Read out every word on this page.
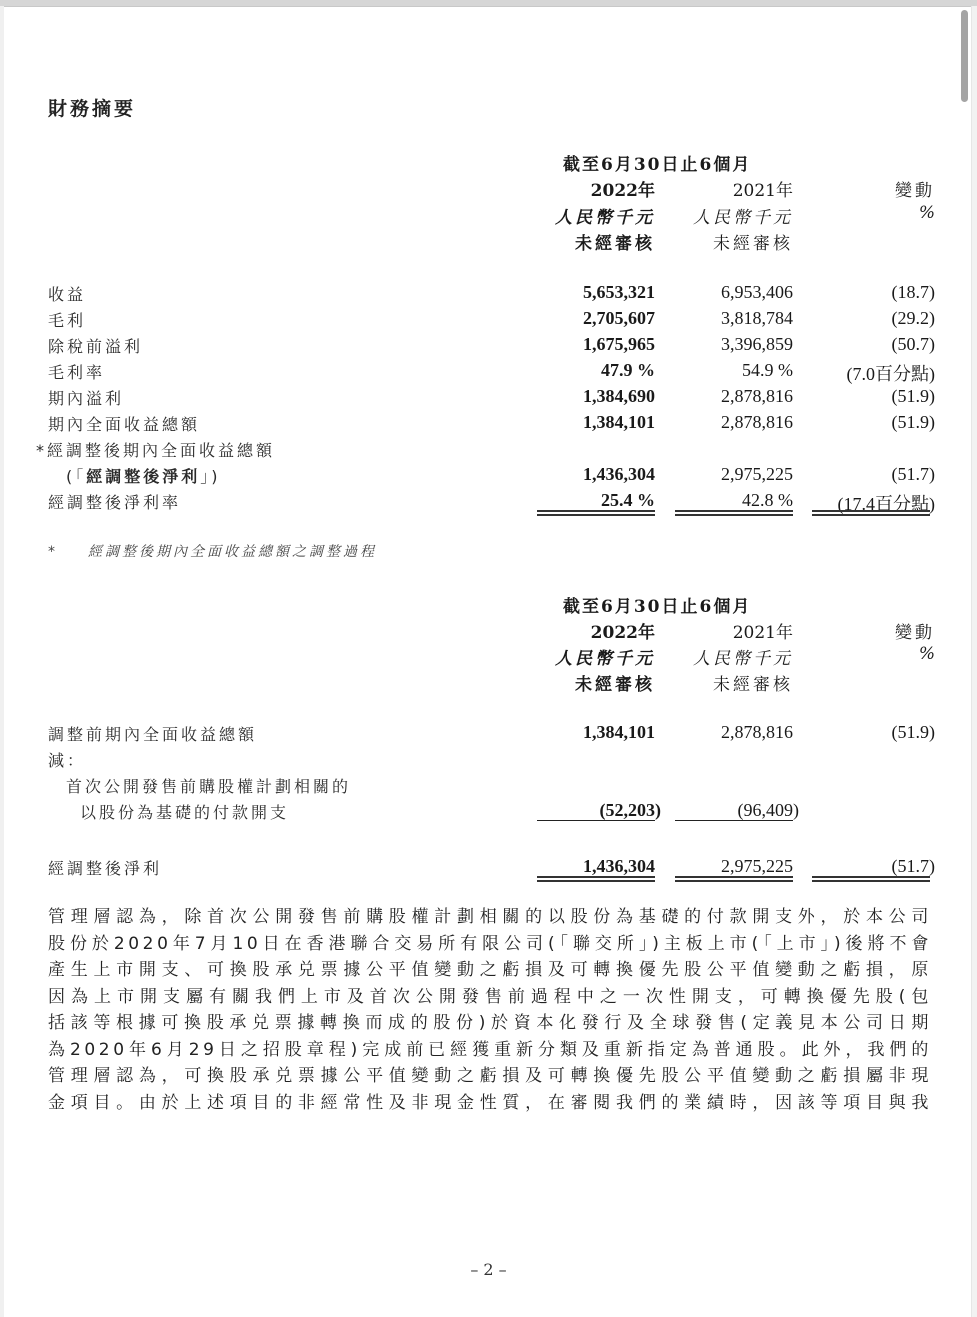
財務摘要
截至6月30日止6個月
2022年	2021年	變動
人民幣千元 人民幣千元	%
未經審核	未經審核
收益	5,653,321	6,953,406	(18.7)
毛利	2,705,607	3,818,784	(29.2)
除稅前溢利	1,675,965	3,396,859	(50.7)
毛利率	47.9 %	54.9 %	(7.0百分點)
期內溢利	1,384,690	2,878,816	(51.9)
期內全面收益總額	1,384,101	2,878,816	(51.9)
*經調整後期內全面收益總額
(「經調整後淨利」)	1,436,304	2,975,225	(51.7)
經調整後淨利率	25.4 %	42.8 % (17.4百分點)
* 經調整後期內全面收益總額之調整過程
截至6月30日止6個月
2022年	2021年	變動
人民幣千元 人民幣千元	%
未經審核	未經審核
調整前期內全面收益總額	1,384,101	2,878,816	(51.9)
減：
首次公開發售前購股權計劃相關的
以股份為基礎的付款開支	(52,203)	(96,409)
經調整後淨利	1,436,304	2,975,225	(51.7)
管理層認為，除首次公開發售前購股權計劃相關的以股份為基礎的付款開支外，於本公司
股份於2020年7月10日在香港聯合交易所有限公司(「聯交所」)主板上市(「上市」)後將不會
產生上市開支、可換股承兑票據公平值變動之虧損及可轉換優先股公平值變動之虧損，原
因為上市開支屬有關我們上市及首次公開發售前過程中之一次性開支，可轉換優先股(包
括該等根據可換股承兑票據轉換而成的股份)於資本化發行及全球發售(定義見本公司日期
為2020年6月29日之招股章程)完成前已經獲重新分類及重新指定為普通股。此外，我們的
管理層認為，可換股承兑票據公平值變動之虧損及可轉換優先股公平值變動之虧損屬非現
金項目。由於上述項目的非經常性及非現金性質，在審閱我們的業績時，因該等項目與我
– 2 –
